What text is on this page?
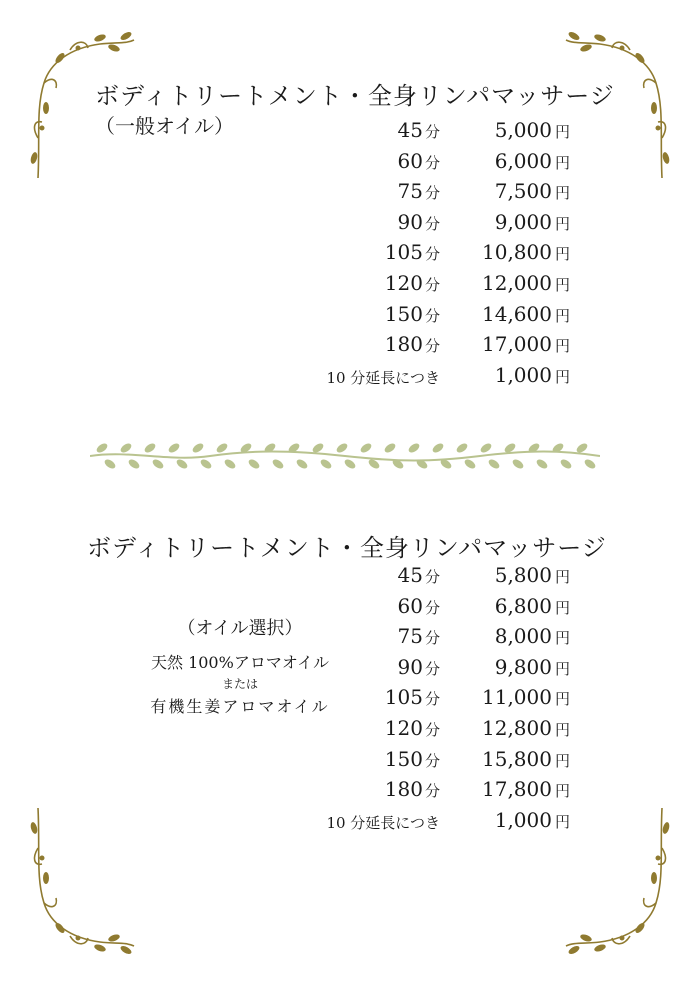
ボディトリートメント・全身リンパマッサージ
（一般オイル）	45 分	5,000 円
60 分	6,000 円
75 分	7,500 円
90 分	9,000 円
105 分 10,800 円
120 分 12,000 円
150 分 14,600 円
180 分 17,000 円
10 分延長につき	1,000 円
ボディトリートメント・全身リンパマッサージ
（オイル選択）
天然 100%アロマオイル
または
有機生姜アロマオイル
45 分	5,800 円
60 分	6,800 円
75 分	8,000 円
90 分	9,800 円
105 分 11,000 円
120 分 12,800 円
150 分 15,800 円
180 分 17,800 円
10 分延長につき	1,000 円
